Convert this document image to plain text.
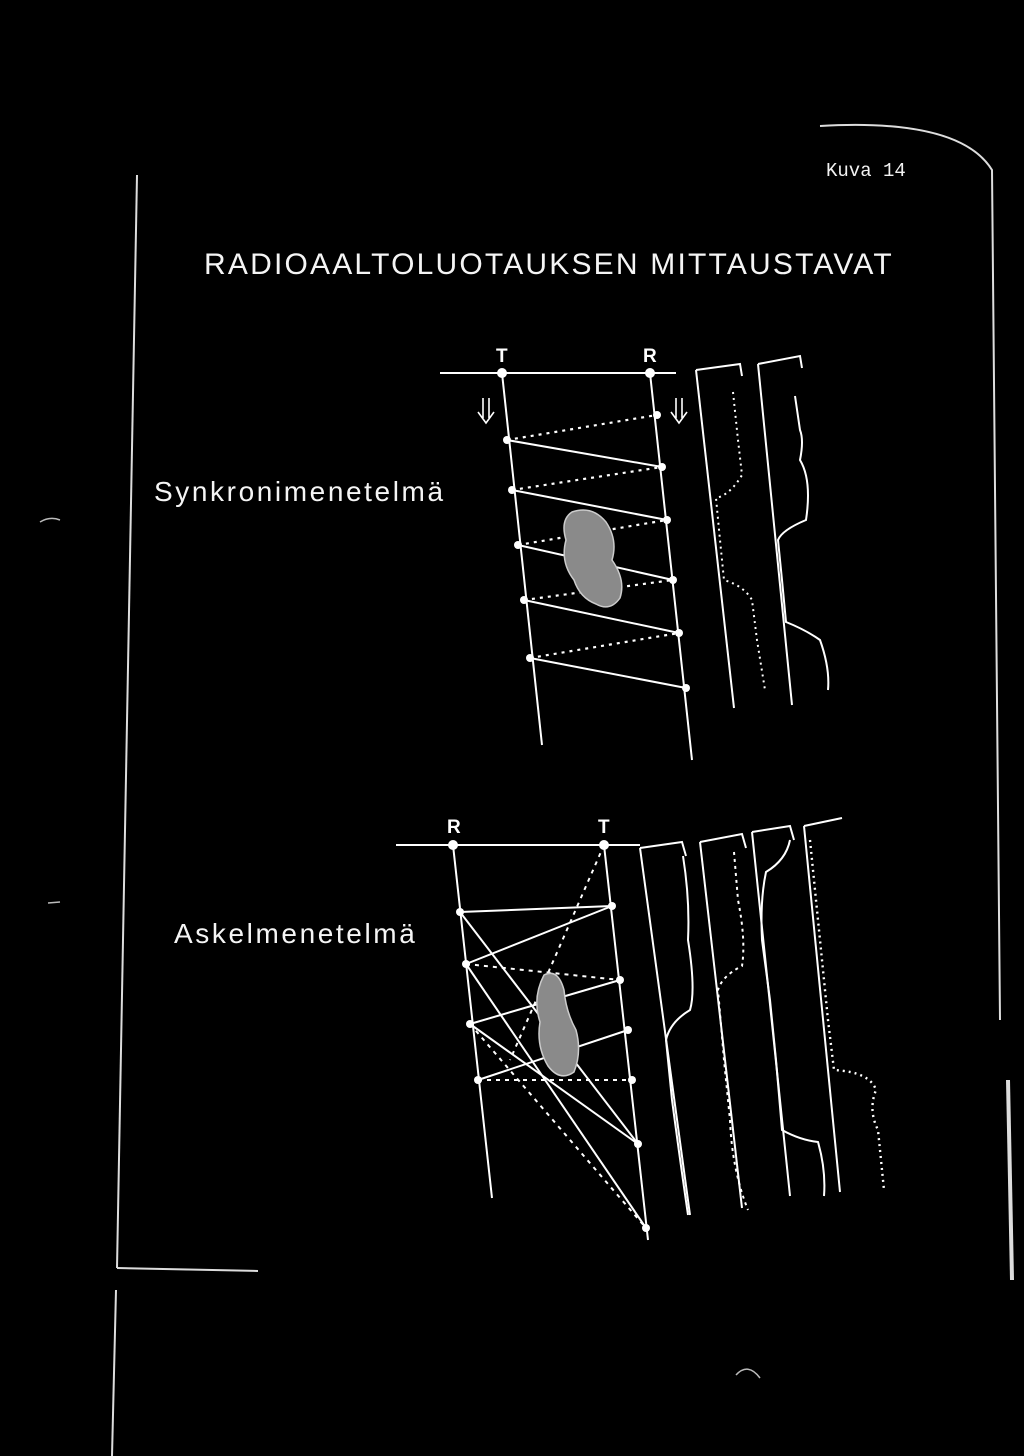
Kuva 14
RADIOAALTOLUOTAUKSEN MITTAUSTAVAT
Synkronimenetelmä
Askelmenetelmä
T	R
R	T
